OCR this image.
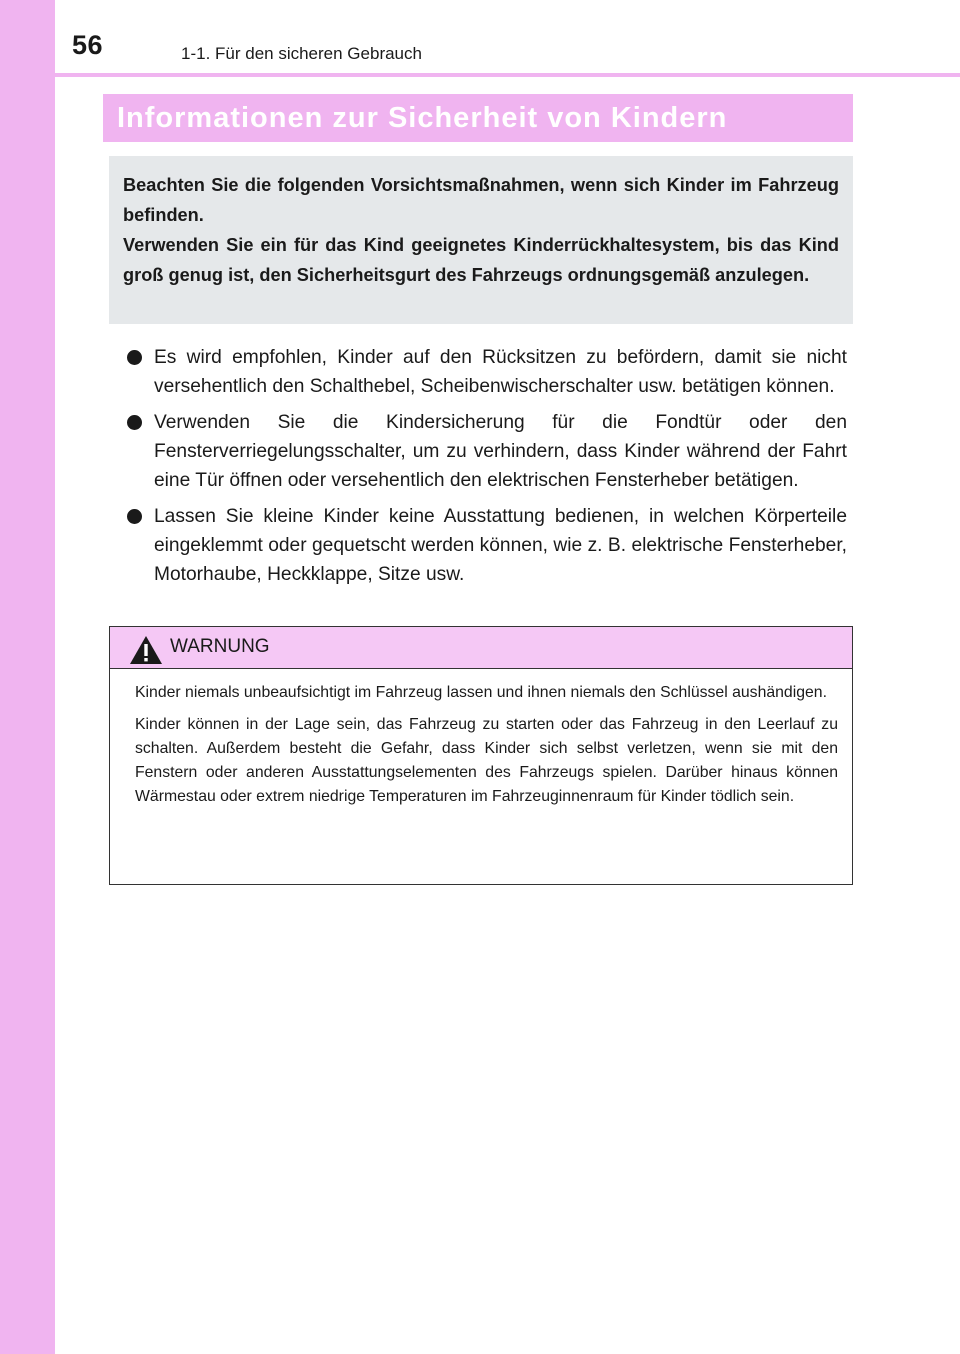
56	1-1. Für den sicheren Gebrauch
Informationen zur Sicherheit von Kindern

Beachten Sie die folgenden Vorsichtsmaßnahmen, wenn sich Kinder im Fahrzeug befinden.

Verwenden Sie ein für das Kind geeignetes Kinderrückhaltesystem, bis das Kind groß genug ist, den Sicherheitsgurt des Fahrzeugs ordnungsgemäß anzulegen.

Es wird empfohlen, Kinder auf den Rücksitzen zu befördern, damit sie nicht versehentlich den Schalthebel, Scheibenwischerschalter usw. betätigen können.
Verwenden Sie die Kindersicherung für die Fondtür oder den Fensterverriegelungsschalter, um zu verhindern, dass Kinder während der Fahrt eine Tür öffnen oder versehentlich den elektrischen Fensterheber betätigen.
Lassen Sie kleine Kinder keine Ausstattung bedienen, in welchen Körperteile eingeklemmt oder gequetscht werden können, wie z. B. elektrische Fensterheber, Motorhaube, Heckklappe, Sitze usw.
WARNUNG

Kinder niemals unbeaufsichtigt im Fahrzeug lassen und ihnen niemals den Schlüssel aushändigen.

Kinder können in der Lage sein, das Fahrzeug zu starten oder das Fahrzeug in den Leerlauf zu schalten. Außerdem besteht die Gefahr, dass Kinder sich selbst verletzen, wenn sie mit den Fenstern oder anderen Ausstattungselementen des Fahrzeugs spielen. Darüber hinaus können Wärmestau oder extrem niedrige Temperaturen im Fahrzeuginnenraum für Kinder tödlich sein.
